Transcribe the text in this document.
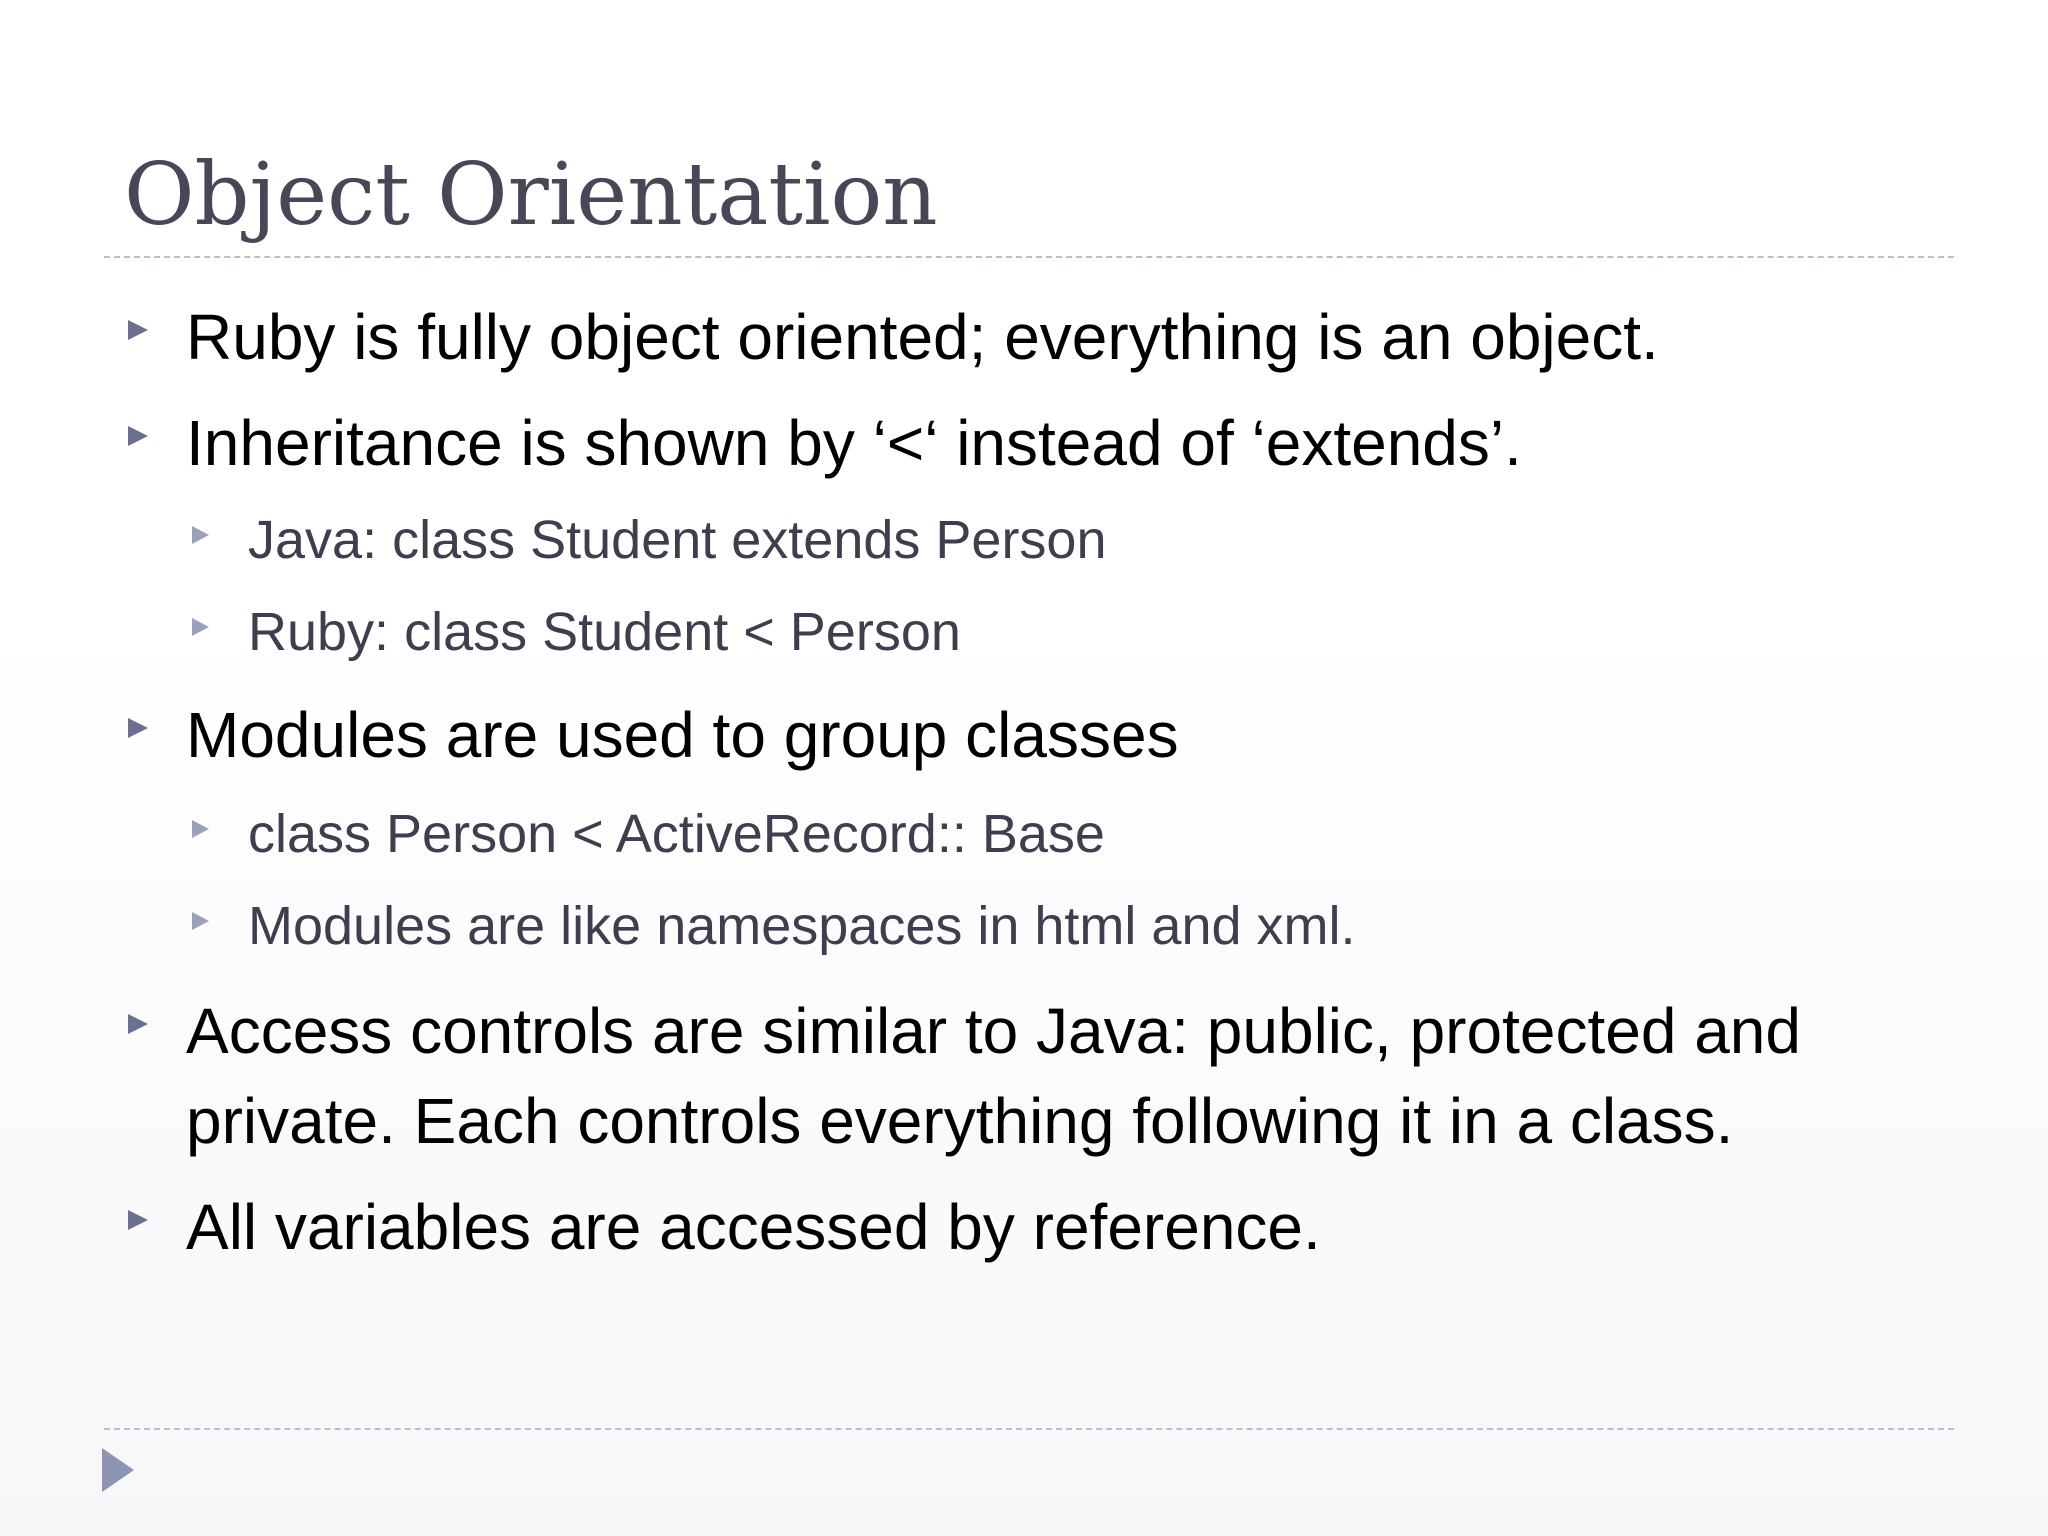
Object Orientation
Ruby is fully object oriented; everything is an object.
Inheritance is shown by ‘<‘ instead of ‘extends’.
Java: class Student extends Person
Ruby: class Student < Person
Modules are used to group classes
class Person < ActiveRecord:: Base
Modules are like namespaces in html and xml.
Access controls are similar to Java: public, protected and
private. Each controls everything following it in a class.
All variables are accessed by reference.
